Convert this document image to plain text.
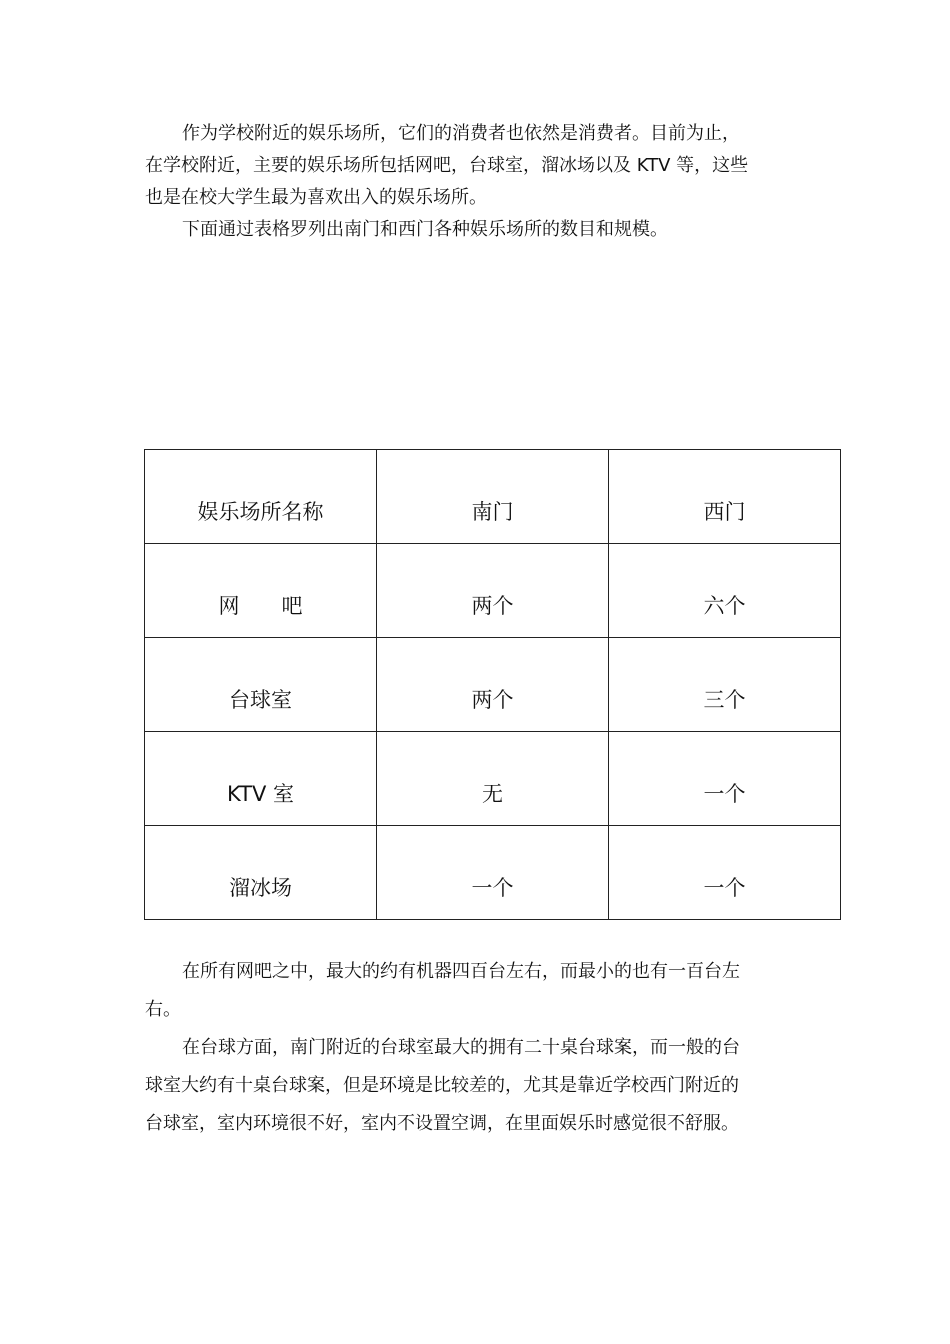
作为学校附近的娱乐场所，它们的消费者也依然是消费者。目前为止，
在学校附近，主要的娱乐场所包括网吧，台球室，溜冰场以及 KTV 等，这些
也是在校大学生最为喜欢出入的娱乐场所。
下面通过表格罗列出南门和西门各种娱乐场所的数目和规模。
娱乐场所名称	南门	西门
网　　吧	两个	六个
台球室	两个	三个
KTV 室	无	一个
溜冰场	一个	一个
在所有网吧之中，最大的约有机器四百台左右，而最小的也有一百台左
右。
在台球方面，南门附近的台球室最大的拥有二十桌台球案，而一般的台
球室大约有十桌台球案，但是环境是比较差的，尤其是靠近学校西门附近的
台球室，室内环境很不好，室内不设置空调，在里面娱乐时感觉很不舒服。
